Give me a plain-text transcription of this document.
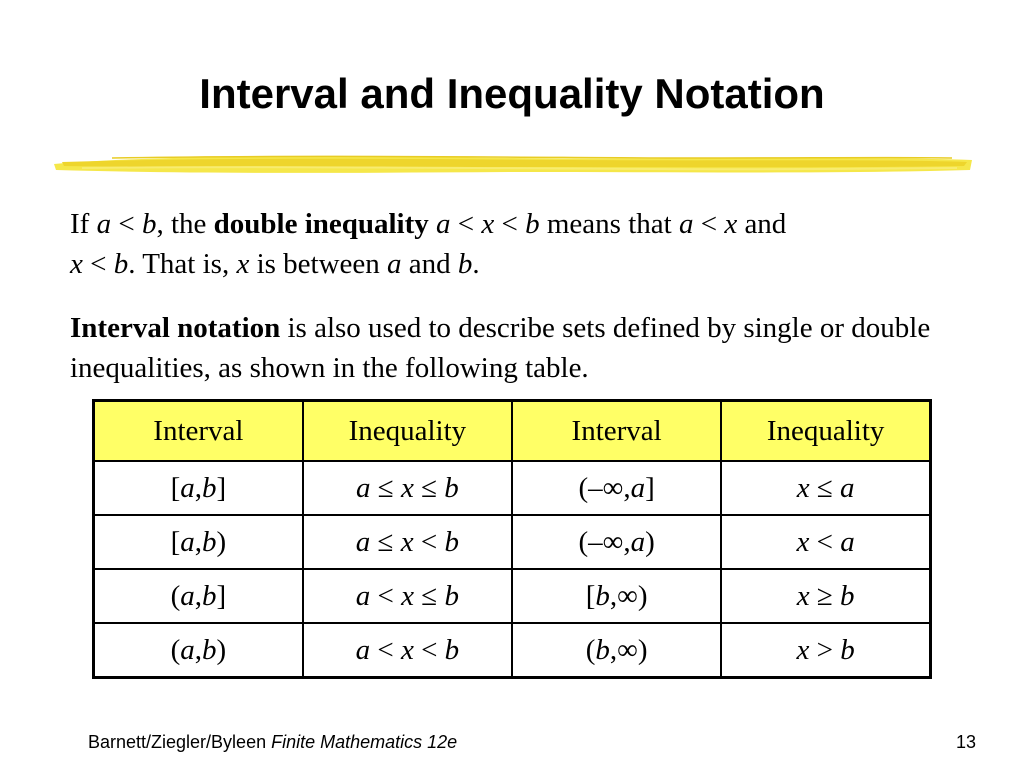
Interval and Inequality Notation

If a < b, the double inequality a < x < b means that a < x and
x < b. That is, x is between a and b.

Interval notation is also used to describe sets defined by single or double inequalities, as shown in the following table.

Interval	Inequality	Interval	Inequality
[a,b]	a ≤ x ≤ b	(–∞,a]	x ≤ a
[a,b)	a ≤ x < b	(–∞,a)	x < a
(a,b]	a < x ≤ b	[b,∞)	x ≥ b
(a,b)	a < x < b	(b,∞)	x > b
Barnett/Ziegler/Byleen Finite Mathematics 12e	13
